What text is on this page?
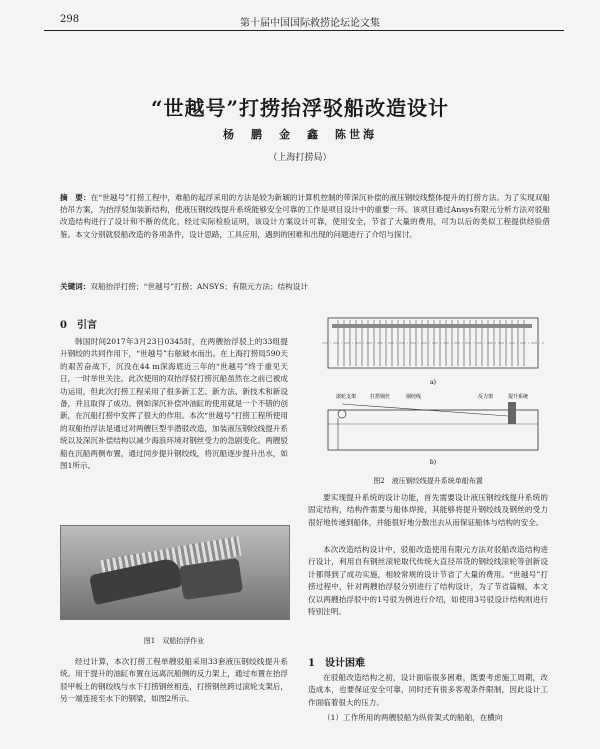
298	第十届中国国际救捞论坛论文集
“世越号”打捞抬浮驳船改造设计
杨　鹏　金　鑫　陈世海
（上海打捞局）
摘　要：在“世越号”打捞工程中，难船的起浮采用的方法是较为新颖的计算机控制的带深沉补偿的液压钢绞线整体提升的打捞方法。为了实现双船抬吊方案，为抬浮驳加装新结构，使液压钢绞线提升系统能够安全可靠的工作是项目设计中的重要一环。该项目通过Ansys有限元分析方法对驳船改造结构进行了设计和不断的优化，经过实际检验证明，该设计方案设计可靠，使用安全，节省了大量的费用，可为以后的类似工程提供经验借鉴。本文分别就驳船改造的各项条件，设计思路，工具应用，遇到的困难和出现的问题进行了介绍与探讨。
关键词：双船抬浮打捞；“世越号”打捞；ANSYS；有限元方法；结构设计
0　引言
韩国时间2017年3月23日0345时，在两艘抬浮驳上的33组提升钢绞的共同作用下，“世越号”右舷破水而出。在上海打捞局590天的艰苦奋战下，沉没在44 m深海底近三年的“世越号”终于重见天日，一时举世关注。此次使用的双抬浮驳打捞沉船虽然在之前已被成功运用，但此次打捞工程采用了很多新工艺、新方法、新技术和新设备，并且取得了成功。例如深沉补偿冲油缸的使用就是一个不错的创新，在沉船打捞中发挥了很大的作用。本次“世越号”打捞工程所使用的双船抬浮法是通过对两艘巨型半潜驳改造，加装液压钢绞线提升系统以及深沉补偿结构以减少海浪环境对钢丝受力的急剧变化。两艘驳船在沉船两侧布置，通过同步提升钢绞线，将沉船逐步提升出水，如图1所示。
图1　双船抬浮作业
经过计算，本次打捞工程单艘驳船采用33套液压钢绞线提升系统。用于提升的油缸布置在远离沉船侧的反力架上，通过布置在抬浮驳甲板上的钢绞线与水下打捞钢丝相连，打捞钢丝跨过滚轮支架后，另一端连接至水下的钢梁，如图2所示。
a)
滚轮支架	打捞钢丝	钢绞线	反力架	提升系统
b)
图2　液压钢绞线提升系统单船布置
要实现提升系统的设计功能，首先需要设计液压钢绞线提升系统的固定结构，结构件需要与船体焊接，其能够将提升钢绞线及钢丝的受力很好地传递到船体，并能很好地分散出去从而保证船体与结构的安全。
本次改造结构设计中，驳船改造使用有限元方法对驳船改造结构进行设计，利用自有钢丝滚轮取代传统大直径吊货的钢绞线滚轮等创新设计都得到了成功实施，相较常规的设计节省了大量的费用。“世越号”打捞过程中，针对两艘抬浮驳分别进行了结构设计，为了节省篇幅，本文仅以两艘抬浮驳中的1号驳为例进行介绍，如使用3号驳设计结构则进行特别注明。
1　设计困难
在驳船改造结构之初，设计面临很多困难，既要考虑施工周期，改造成本，也要保证安全可靠，同时还有很多客观条件限制，因此设计工作面临着很大的压力。
（1）工作所用的两艘驳船为纵骨架式的船舶，在横向
